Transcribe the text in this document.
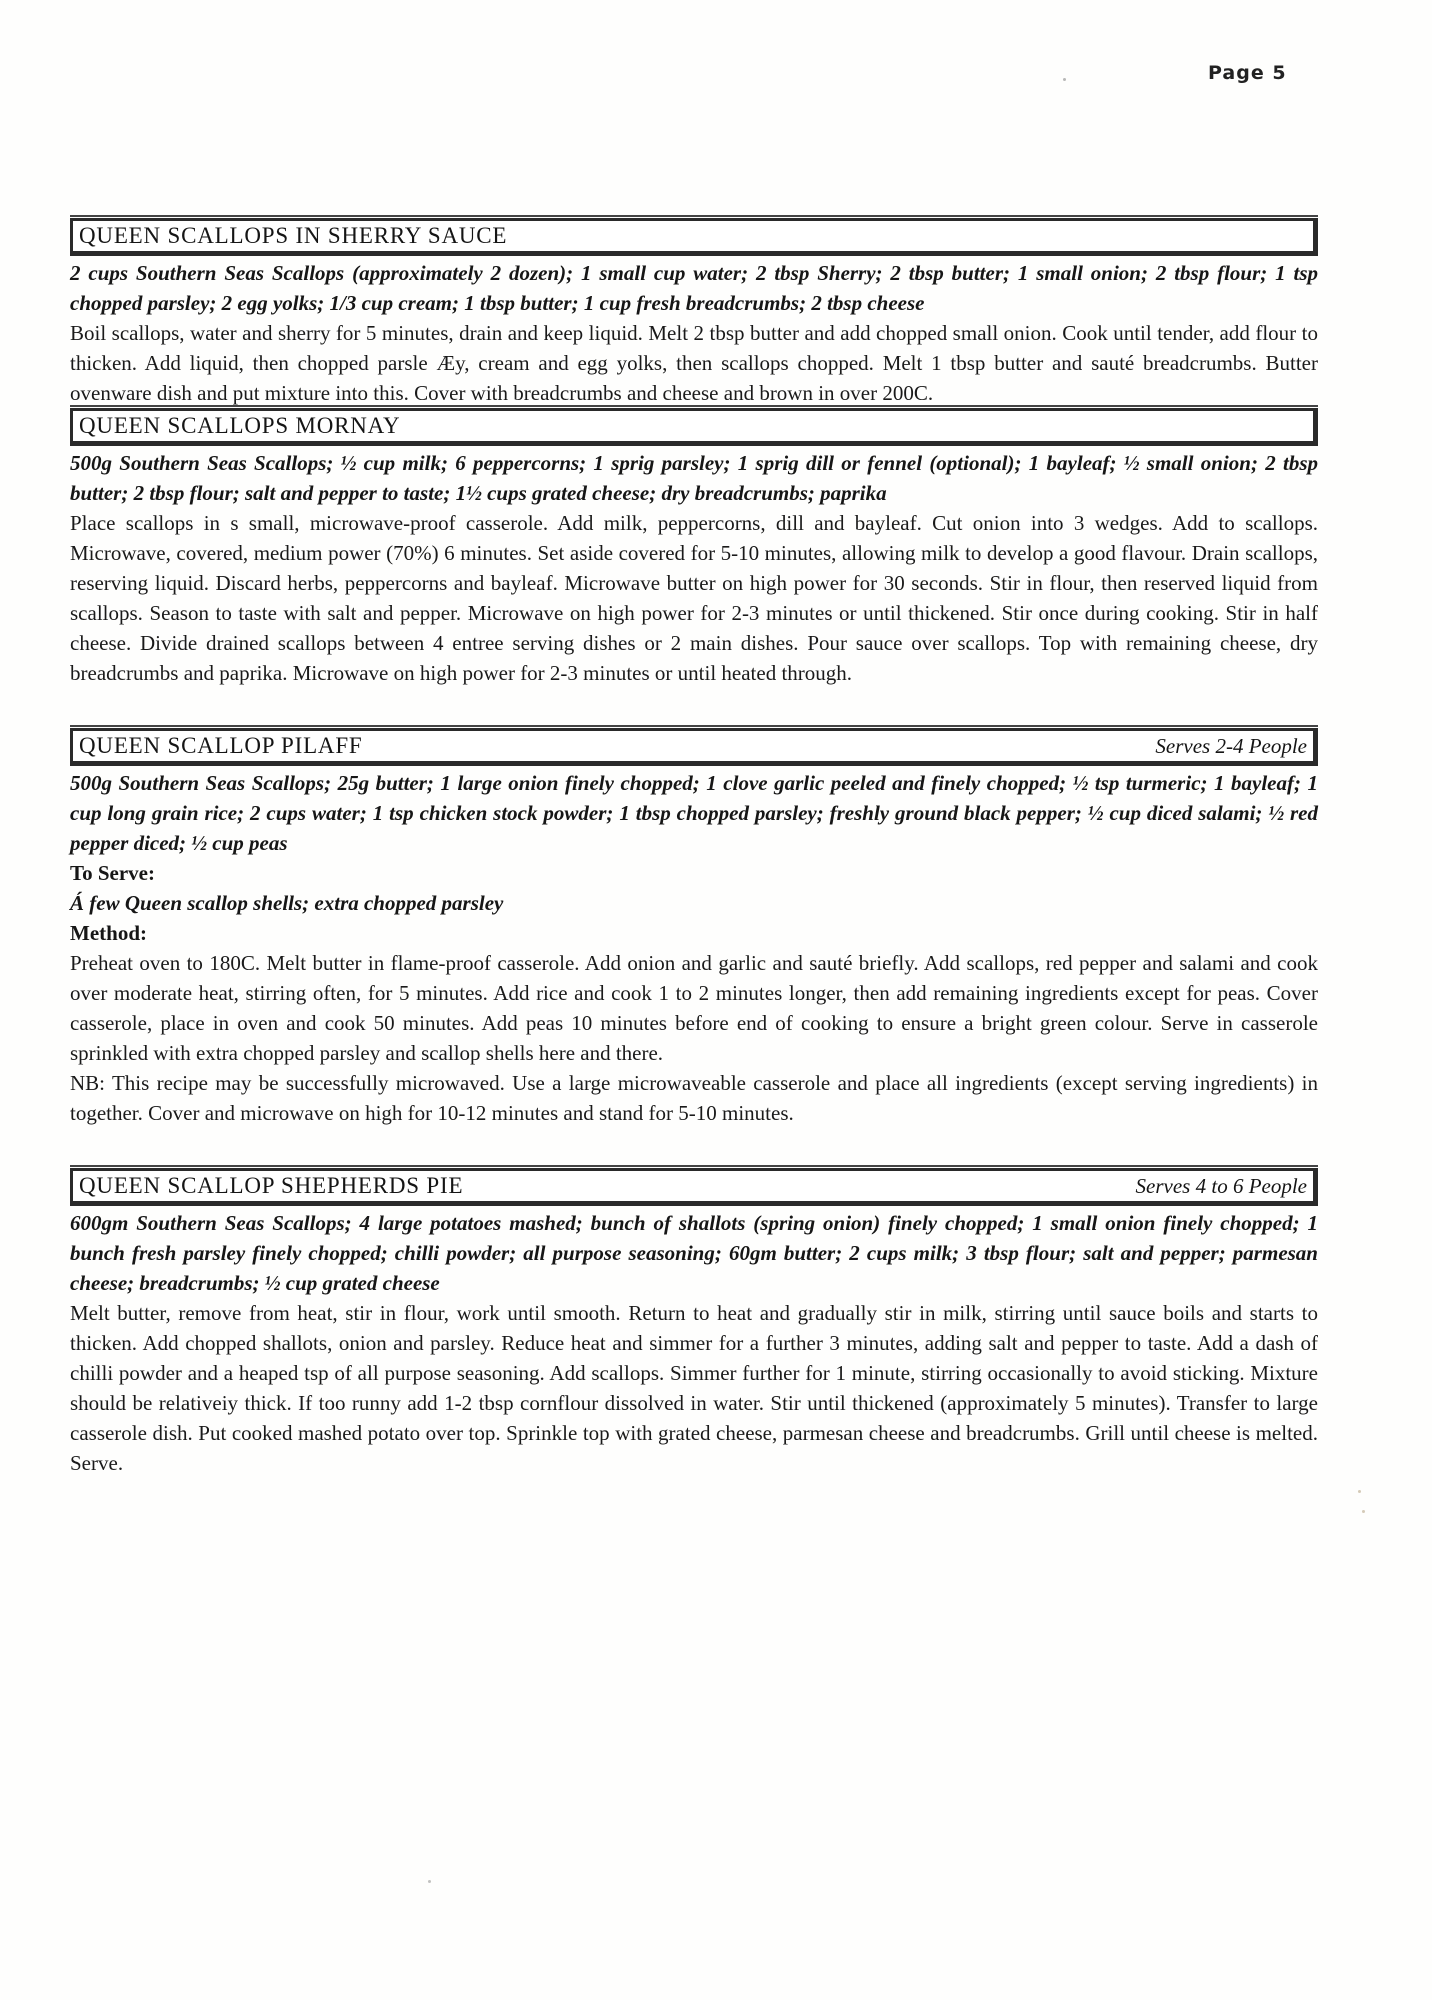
Page 5
QUEEN SCALLOPS IN SHERRY SAUCE

2 cups Southern Seas Scallops (approximately 2 dozen); 1 small cup water; 2 tbsp Sherry; 2 tbsp butter; 1 small onion; 2 tbsp flour; 1 tsp chopped parsley; 2 egg yolks; 1/3 cup cream; 1 tbsp butter; 1 cup fresh breadcrumbs; 2 tbsp cheese

Boil scallops, water and sherry for 5 minutes, drain and keep liquid. Melt 2 tbsp butter and add chopped small onion. Cook until tender, add flour to thicken. Add liquid, then chopped parsle Æy, cream and egg yolks, then scallops chopped. Melt 1 tbsp butter and sauté breadcrumbs. Butter ovenware dish and put mixture into this. Cover with breadcrumbs and cheese and brown in over 200C.

QUEEN SCALLOPS MORNAY

500g Southern Seas Scallops; ½ cup milk; 6 peppercorns; 1 sprig parsley; 1 sprig dill or fennel (optional); 1 bayleaf; ½ small onion; 2 tbsp butter; 2 tbsp flour; salt and pepper to taste; 1½ cups grated cheese; dry breadcrumbs; paprika

Place scallops in s small, microwave-proof casserole. Add milk, peppercorns, dill and bayleaf. Cut onion into 3 wedges. Add to scallops. Microwave, covered, medium power (70%) 6 minutes. Set aside covered for 5-10 minutes, allowing milk to develop a good flavour. Drain scallops, reserving liquid. Discard herbs, peppercorns and bayleaf. Microwave butter on high power for 30 seconds. Stir in flour, then reserved liquid from scallops. Season to taste with salt and pepper. Microwave on high power for 2-3 minutes or until thickened. Stir once during cooking. Stir in half cheese. Divide drained scallops between 4 entree serving dishes or 2 main dishes. Pour sauce over scallops. Top with remaining cheese, dry breadcrumbs and paprika. Microwave on high power for 2-3 minutes or until heated through.

QUEEN SCALLOP PILAFF	Serves 2-4 People

500g Southern Seas Scallops; 25g butter; 1 large onion finely chopped; 1 clove garlic peeled and finely chopped; ½ tsp turmeric; 1 bayleaf; 1 cup long grain rice; 2 cups water; 1 tsp chicken stock powder; 1 tbsp chopped parsley; freshly ground black pepper; ½ cup diced salami; ½ red pepper diced; ½ cup peas

To Serve:

Á few Queen scallop shells; extra chopped parsley

Method:

Preheat oven to 180C. Melt butter in flame-proof casserole. Add onion and garlic and sauté briefly. Add scallops, red pepper and salami and cook over moderate heat, stirring often, for 5 minutes. Add rice and cook 1 to 2 minutes longer, then add remaining ingredients except for peas. Cover casserole, place in oven and cook 50 minutes. Add peas 10 minutes before end of cooking to ensure a bright green colour. Serve in casserole sprinkled with extra chopped parsley and scallop shells here and there.

NB: This recipe may be successfully microwaved. Use a large microwaveable casserole and place all ingredients (except serving ingredients) in together. Cover and microwave on high for 10-12 minutes and stand for 5-10 minutes.

QUEEN SCALLOP SHEPHERDS PIE	Serves 4 to 6 People

600gm Southern Seas Scallops; 4 large potatoes mashed; bunch of shallots (spring onion) finely chopped; 1 small onion finely chopped; 1 bunch fresh parsley finely chopped; chilli powder; all purpose seasoning; 60gm butter; 2 cups milk; 3 tbsp flour; salt and pepper; parmesan cheese; breadcrumbs; ½ cup grated cheese

Melt butter, remove from heat, stir in flour, work until smooth. Return to heat and gradually stir in milk, stirring until sauce boils and starts to thicken. Add chopped shallots, onion and parsley. Reduce heat and simmer for a further 3 minutes, adding salt and pepper to taste. Add a dash of chilli powder and a heaped tsp of all purpose seasoning. Add scallops. Simmer further for 1 minute, stirring occasionally to avoid sticking. Mixture should be relativeiy thick. If too runny add 1-2 tbsp cornflour dissolved in water. Stir until thickened (approximately 5 minutes). Transfer to large casserole dish. Put cooked mashed potato over top. Sprinkle top with grated cheese, parmesan cheese and breadcrumbs. Grill until cheese is melted. Serve.
